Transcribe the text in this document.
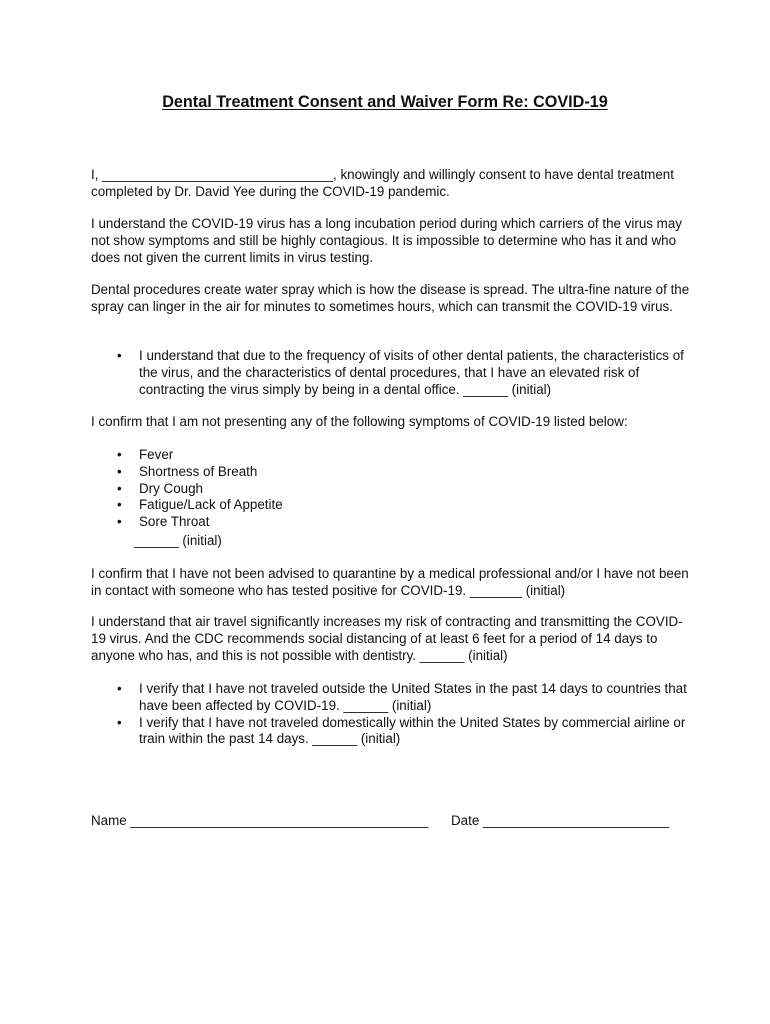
Dental Treatment Consent and Waiver Form Re: COVID-19

I, _______________________________, knowingly and willingly consent to have dental treatment completed by Dr. David Yee during the COVID-19 pandemic.

I understand the COVID-19 virus has a long incubation period during which carriers of the virus may not show symptoms and still be highly contagious. It is impossible to determine who has it and who does not given the current limits in virus testing.

Dental procedures create water spray which is how the disease is spread. The ultra-fine nature of the spray can linger in the air for minutes to sometimes hours, which can transmit the COVID-19 virus.

• I understand that due to the frequency of visits of other dental patients, the characteristics of the virus, and the characteristics of dental procedures, that I have an elevated risk of contracting the virus simply by being in a dental office. ______ (initial)

I confirm that I am not presenting any of the following symptoms of COVID-19 listed below:

• Fever
• Shortness of Breath
• Dry Cough
• Fatigue/Lack of Appetite
• Sore Throat

______ (initial)

I confirm that I have not been advised to quarantine by a medical professional and/or I have not been in contact with someone who has tested positive for COVID-19. _______ (initial)

I understand that air travel significantly increases my risk of contracting and transmitting the COVID-19 virus. And the CDC recommends social distancing of at least 6 feet for a period of 14 days to anyone who has, and this is not possible with dentistry. ______ (initial)

• I verify that I have not traveled outside the United States in the past 14 days to countries that have been affected by COVID-19. ______ (initial)
• I verify that I have not traveled domestically within the United States by commercial airline or train within the past 14 days. ______ (initial)

Name ________________________________________ Date _________________________
